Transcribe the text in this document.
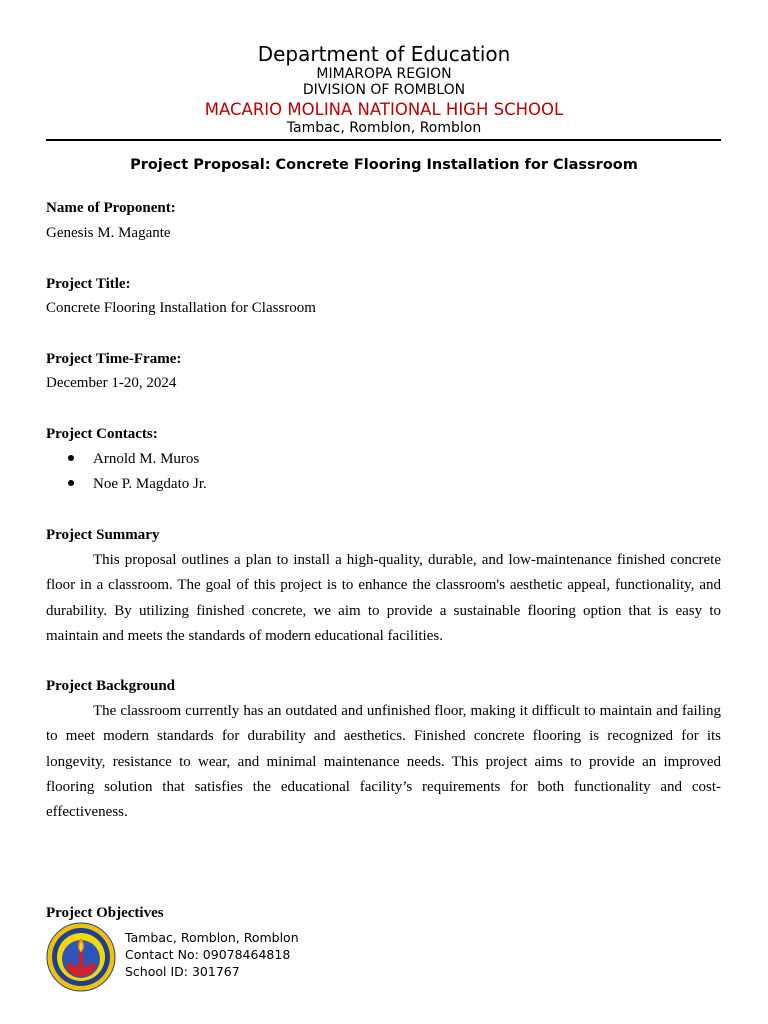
Department of Education
MIMAROPA REGION
DIVISION OF ROMBLON
MACARIO MOLINA NATIONAL HIGH SCHOOL
Tambac, Romblon, Romblon
Project Proposal: Concrete Flooring Installation for Classroom
Name of Proponent:
Genesis M. Magante
Project Title:
Concrete Flooring Installation for Classroom
Project Time-Frame:
December 1-20, 2024
Project Contacts:
Arnold M. Muros
Noe P. Magdato Jr.
Project Summary

This proposal outlines a plan to install a high-quality, durable, and low-maintenance finished concrete floor in a classroom. The goal of this project is to enhance the classroom's aesthetic appeal, functionality, and durability. By utilizing finished concrete, we aim to provide a sustainable flooring option that is easy to maintain and meets the standards of modern educational facilities.

Project Background

The classroom currently has an outdated and unfinished floor, making it difficult to maintain and failing to meet modern standards for durability and aesthetics. Finished concrete flooring is recognized for its longevity, resistance to wear, and minimal maintenance needs. This project aims to provide an improved flooring solution that satisfies the educational facility’s requirements for both functionality and cost-effectiveness.

Project Objectives
Tambac, Romblon, Romblon
Contact No: 09078464818
School ID: 301767
